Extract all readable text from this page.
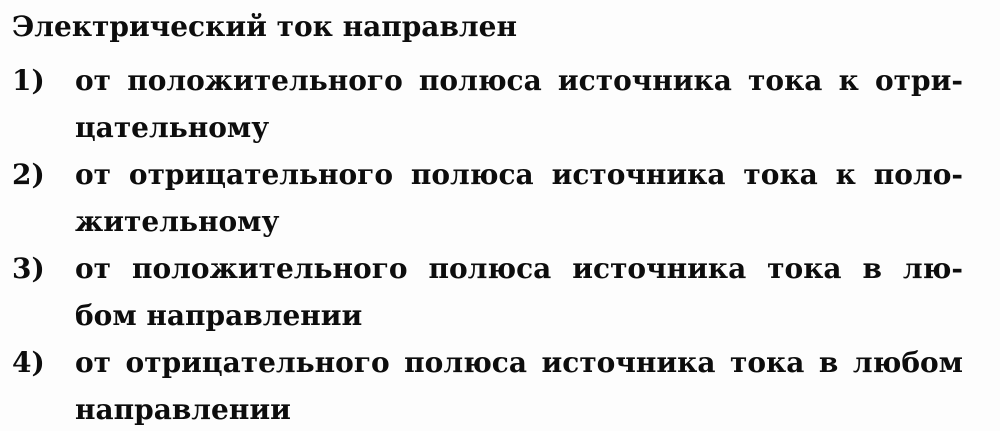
Электрический ток направлен
1)	от положительного полюса источника тока к отри-
цательному
2)	от отрицательного полюса источника тока к поло-
жительному
3)	от положительного полюса источника тока в лю-
бом направлении
4)	от отрицательного полюса источника тока в любом
направлении
